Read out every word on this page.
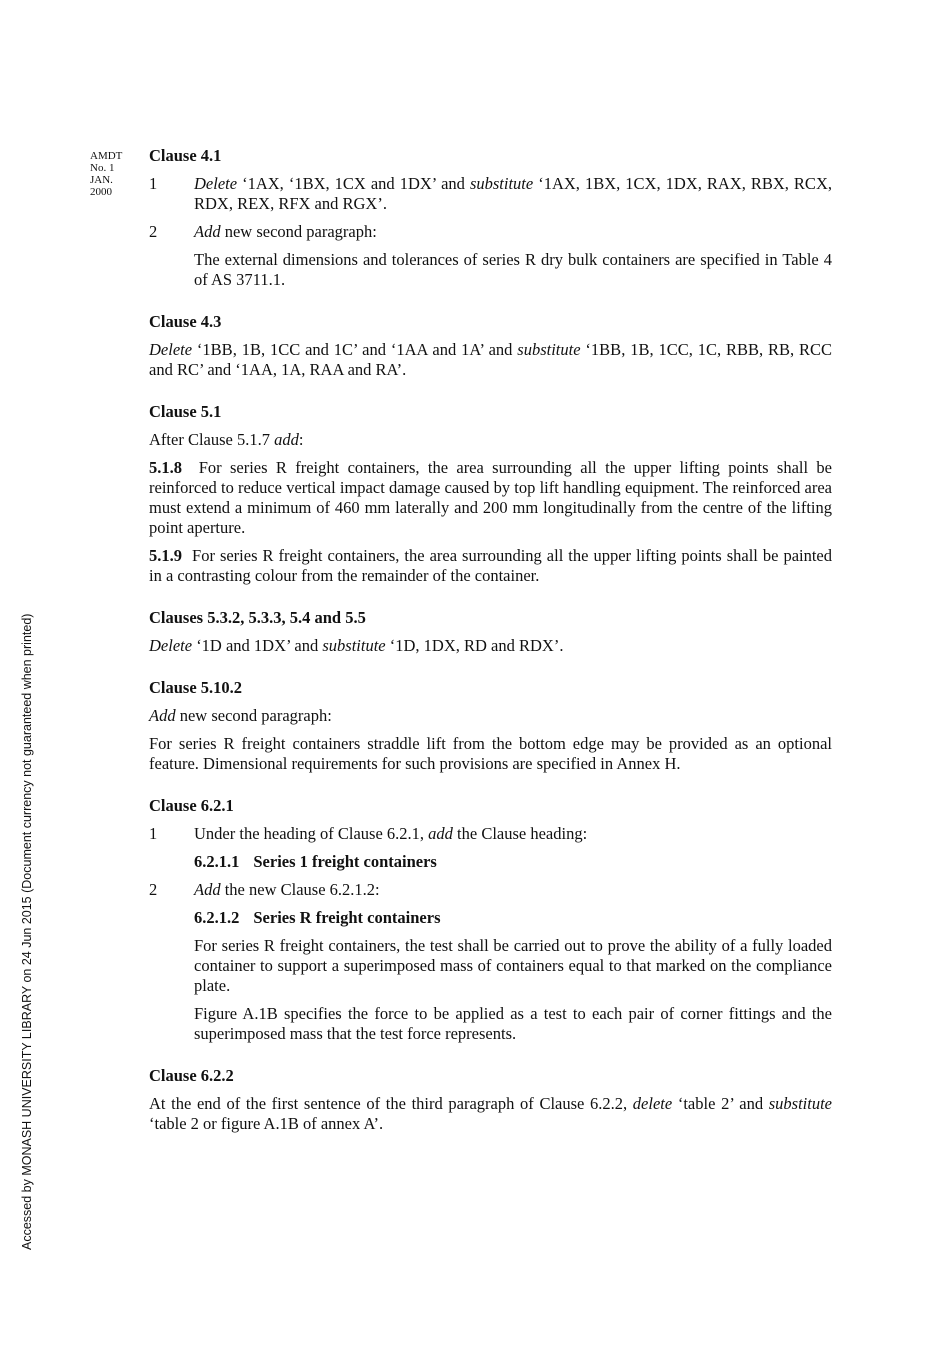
Accessed by MONASH UNIVERSITY LIBRARY on 24 Jun 2015 (Document currency not guaranteed when printed)
AMDT
No. 1
JAN.
2000
Clause 4.1
1	Delete ‘1AX, ‘1BX, 1CX and 1DX’ and substitute ‘1AX, 1BX, 1CX, 1DX, RAX, RBX, RCX, RDX, REX, RFX and RGX’.
2	Add new second paragraph:
The external dimensions and tolerances of series R dry bulk containers are specified in Table 4 of AS 3711.1.
Clause 4.3

Delete ‘1BB, 1B, 1CC and 1C’ and ‘1AA and 1A’ and substitute ‘1BB, 1B, 1CC, 1C, RBB, RB, RCC and RC’ and ‘1AA, 1A, RAA and RA’.

Clause 5.1

After Clause 5.1.7 add:

5.1.8 For series R freight containers, the area surrounding all the upper lifting points shall be reinforced to reduce vertical impact damage caused by top lift handling equipment. The reinforced area must extend a minimum of 460 mm laterally and 200 mm longitudinally from the centre of the lifting point aperture.

5.1.9 For series R freight containers, the area surrounding all the upper lifting points shall be painted in a contrasting colour from the remainder of the container.

Clauses 5.3.2, 5.3.3, 5.4 and 5.5

Delete ‘1D and 1DX’ and substitute ‘1D, 1DX, RD and RDX’.

Clause 5.10.2

Add new second paragraph:

For series R freight containers straddle lift from the bottom edge may be provided as an optional feature. Dimensional requirements for such provisions are specified in Annex H.

Clause 6.2.1
1	Under the heading of Clause 6.2.1, add the Clause heading:
6.2.1.1 Series 1 freight containers
2	Add the new Clause 6.2.1.2:
6.2.1.2 Series R freight containers
For series R freight containers, the test shall be carried out to prove the ability of a fully loaded container to support a superimposed mass of containers equal to that marked on the compliance plate.
Figure A.1B specifies the force to be applied as a test to each pair of corner fittings and the superimposed mass that the test force represents.
Clause 6.2.2

At the end of the first sentence of the third paragraph of Clause 6.2.2, delete ‘table 2’ and substitute ‘table 2 or figure A.1B of annex A’.
